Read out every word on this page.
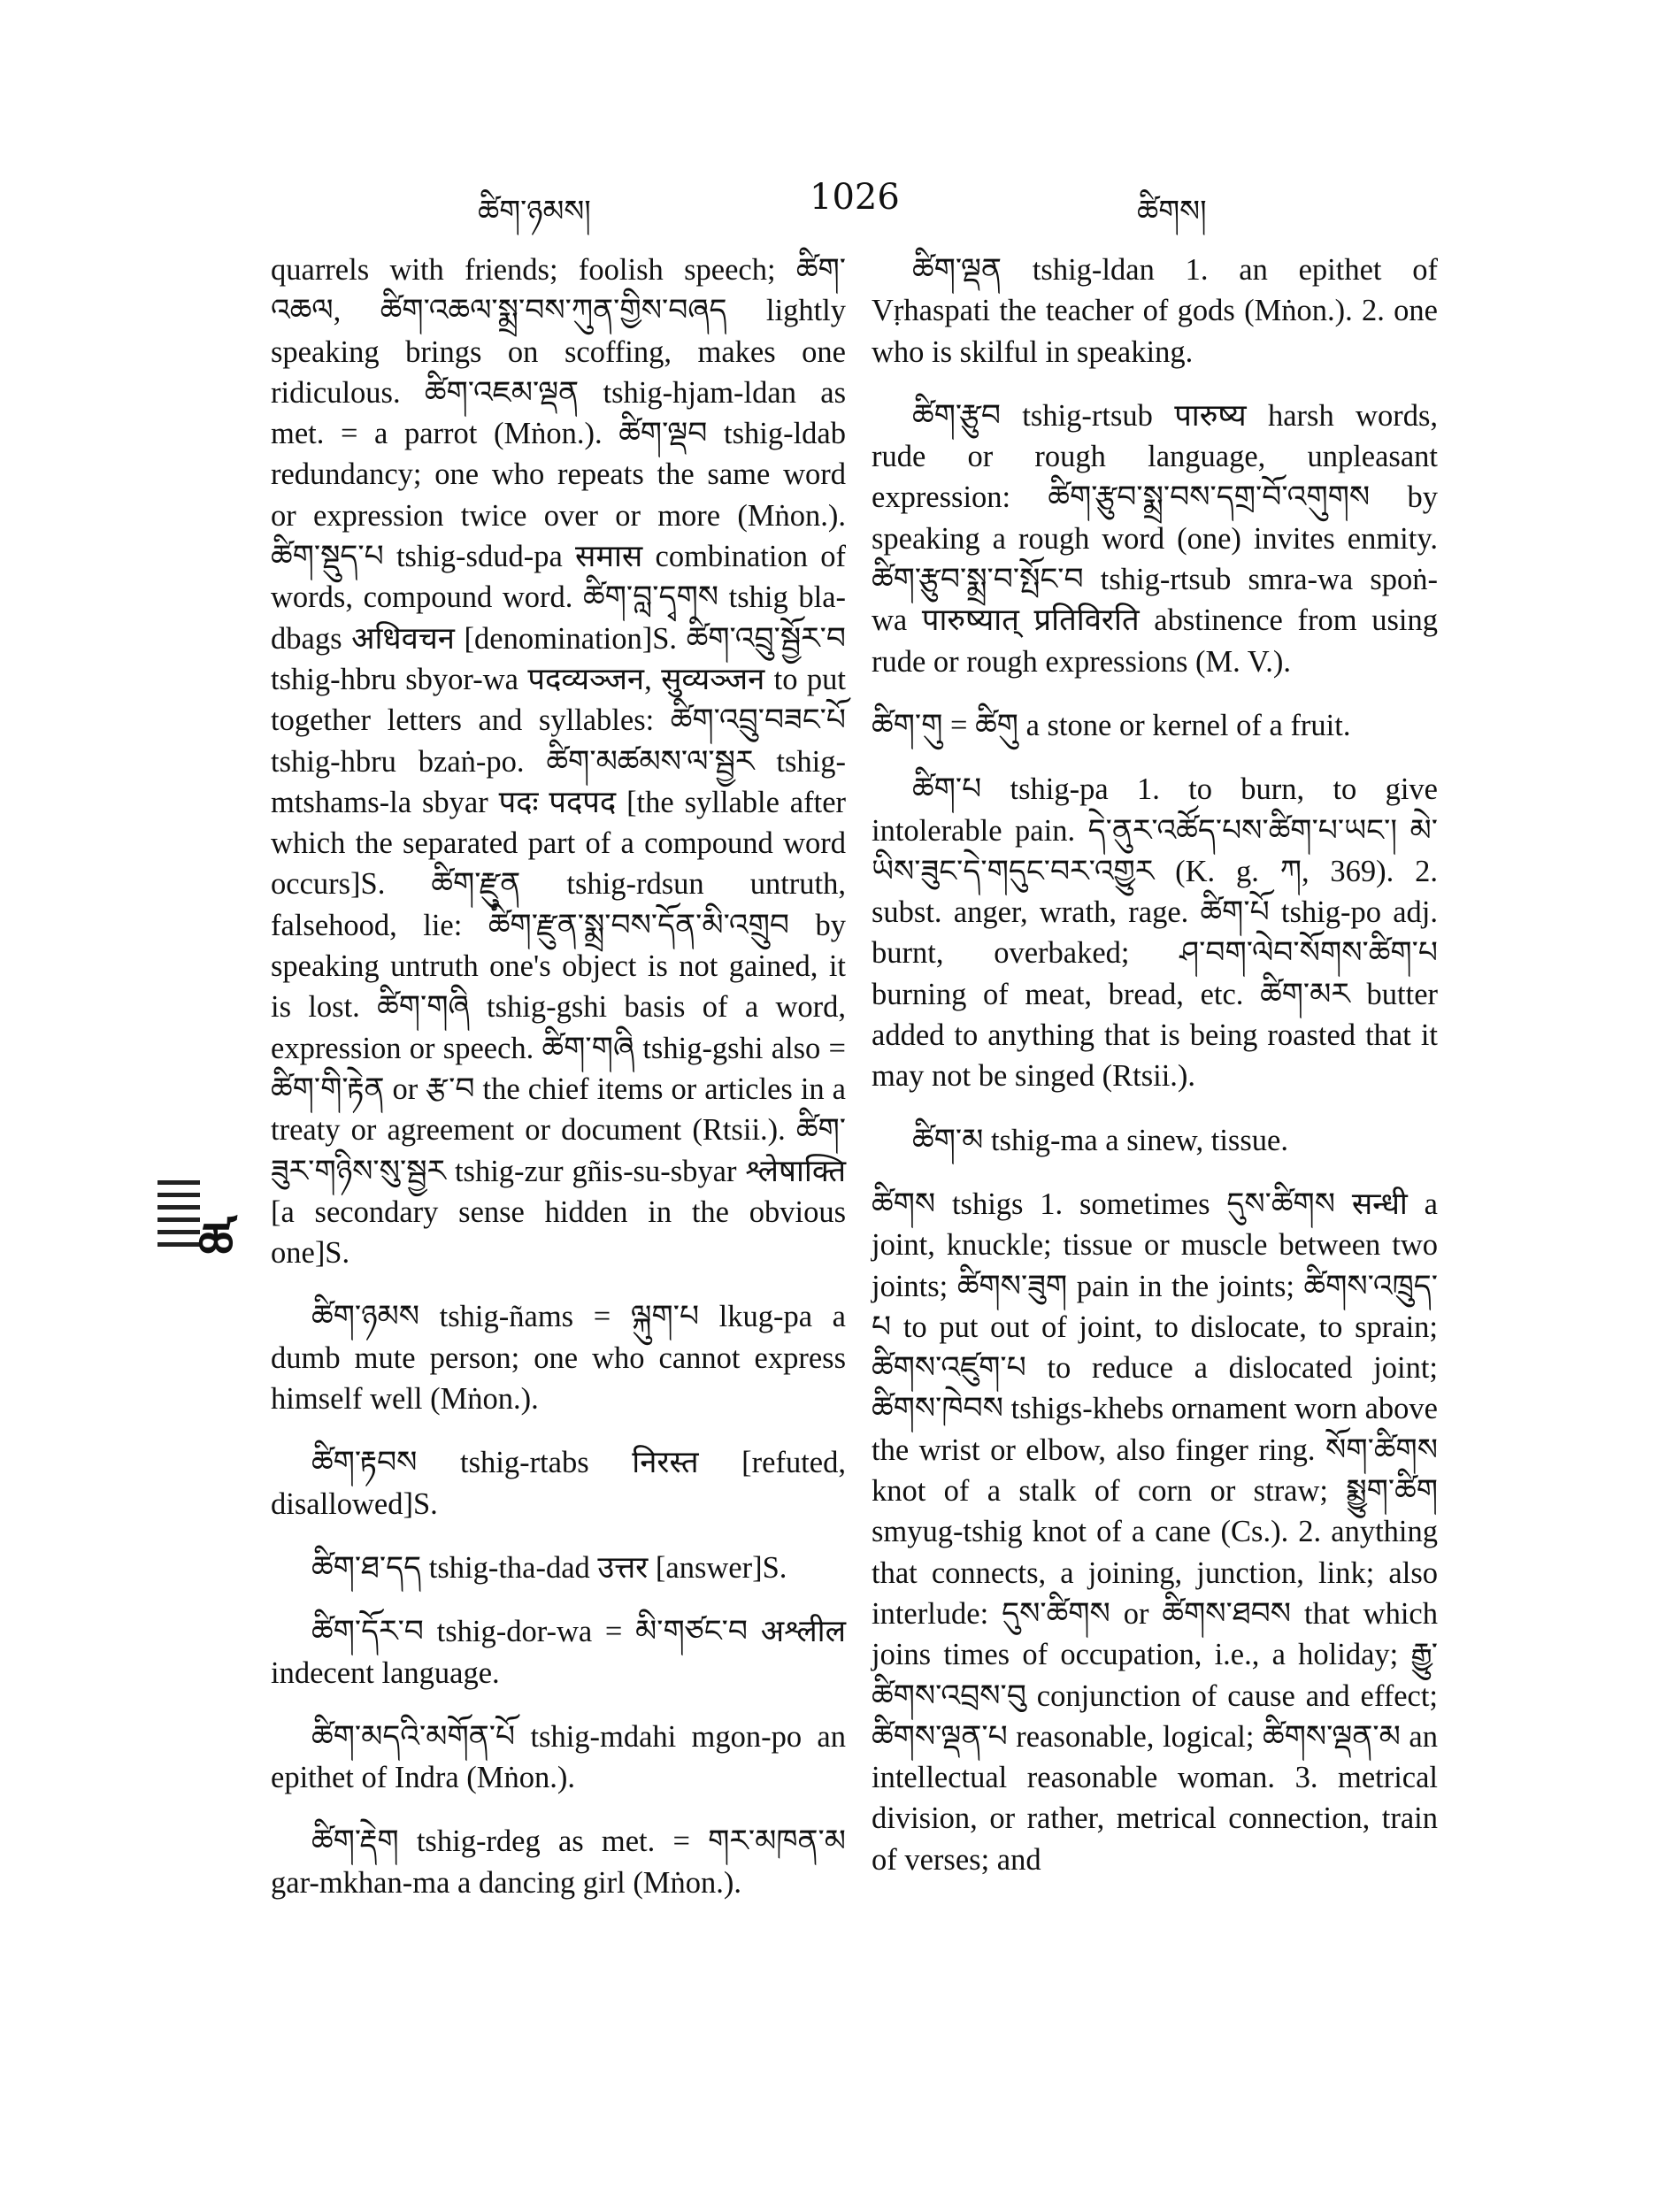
ཚིག་ཉམས།	1026	ཚིགས།
ཚ

quarrels with friends; foolish speech; ཚིག་འཆལ, ཚིག་འཆལ་སྨྲ་བས་ཀུན་གྱིས་བཞད lightly speaking brings on scoffing, makes one ridiculous. ཚིག་འཇམ་ལྡན tshig-hjam-ldan as met. = a parrot (Mṅon.). ཚིག་ལྡབ tshig-ldab redundancy; one who repeats the same word or expression twice over or more (Mṅon.). ཚིག་སྡུད་པ tshig-sdud-pa समास combination of words, compound word. ཚིག་བླ་དྭགས tshig bla-dbags अधिवचन [denomination]S. ཚིག་འབྲུ་སྦྱོར་བ tshig-hbru sbyor-wa पदव्यञ्जन, सुव्यञ्जन to put together letters and syllables: ཚིག་འབྲུ་བཟང་པོ tshig-hbru bzaṅ-po. ཚིག་མཚམས་ལ་སྦྱར tshig-mtshams-la sbyar पदः पदपद [the syllable after which the separated part of a compound word occurs]S. ཚིག་རྫུན tshig-rdsun untruth, falsehood, lie: ཚིག་རྫུན་སྨྲ་བས་དོན་མི་འགྲུབ by speaking untruth one's object is not gained, it is lost. ཚིག་གཞི tshig-gshi basis of a word, expression or speech. ཚིག་གཞི tshig-gshi also = ཚིག་གི་རྟེན or རྩ་བ the chief items or articles in a treaty or agreement or document (Rtsii.). ཚིག་ཟུར་གཉིས་སུ་སྦྱར tshig-zur gñis-su-sbyar श्लेषाक्ति [a secondary sense hidden in the obvious one]S.

ཚིག་ཉམས tshig-ñams = ལྐུག་པ lkug-pa a dumb mute person; one who cannot express himself well (Mṅon.).

ཚིག་རྟབས tshig-rtabs निरस्त [refuted, disallowed]S.

ཚིག་ཐ་དད tshig-tha-dad उत्तर [answer]S.

ཚིག་དོར་བ tshig-dor-wa = མི་གཙང་བ अश्लील indecent language.

ཚིག་མདའི་མགོན་པོ tshig-mdahi mgon-po an epithet of Indra (Mṅon.).

ཚིག་རྡེག tshig-rdeg as met. = གར་མཁན་མ gar-mkhan-ma a dancing girl (Mṅon.).

ཚིག་ལྡན tshig-ldan 1. an epithet of Vṛhaspati the teacher of gods (Mṅon.). 2. one who is skilful in speaking.

ཚིག་རྩུབ tshig-rtsub पारुष्य harsh words, rude or rough language, unpleasant expression: ཚིག་རྩུབ་སྨྲ་བས་དགྲ་བོ་འགུགས by speaking a rough word (one) invites enmity. ཚིག་རྩུབ་སྨྲ་བ་སྤོང་བ tshig-rtsub smra-wa spoṅ-wa पारुष्यात् प्रतिविरति abstinence from using rude or rough expressions (M. V.).

ཚིག་གུ = ཚིགུ a stone or kernel of a fruit.

ཚིག་པ tshig-pa 1. to burn, to give intolerable pain. དེ་ནུར་འཚོད་པས་ཚིག་པ་ཡང་། མེ་ཡིས་ཟུང་དེ་གདུང་བར་འགྱུར (K. g. ཀ, 369). 2. subst. anger, wrath, rage. ཚིག་པོ tshig-po adj. burnt, overbaked; ཤ་བག་ལེབ་སོགས་ཚིག་པ burning of meat, bread, etc. ཚིག་མར butter added to anything that is being roasted that it may not be singed (Rtsii.).

ཚིག་མ tshig-ma a sinew, tissue.

ཚིགས tshigs 1. sometimes དུས་ཚིགས सन्धी a joint, knuckle; tissue or muscle between two joints; ཚིགས་ཟུག pain in the joints; ཚིགས་འཁྲུད་པ to put out of joint, to dislocate, to sprain; ཚིགས་འཛུག་པ to reduce a dislocated joint; ཚིགས་ཁེབས tshigs-khebs ornament worn above the wrist or elbow, also finger ring. སོག་ཚིགས knot of a stalk of corn or straw; སྨྱུག་ཚིག smyug-tshig knot of a cane (Cs.). 2. anything that connects, a joining, junction, link; also interlude: དུས་ཚིགས or ཚིགས་ཐབས that which joins times of occupation, i.e., a holiday; རྒྱུ་ཚིགས་འབྲས་བུ conjunction of cause and effect; ཚིགས་ལྡན་པ reasonable, logical; ཚིགས་ལྡན་མ an intellectual reasonable woman. 3. metrical division, or rather, metrical connection, train of verses; and
